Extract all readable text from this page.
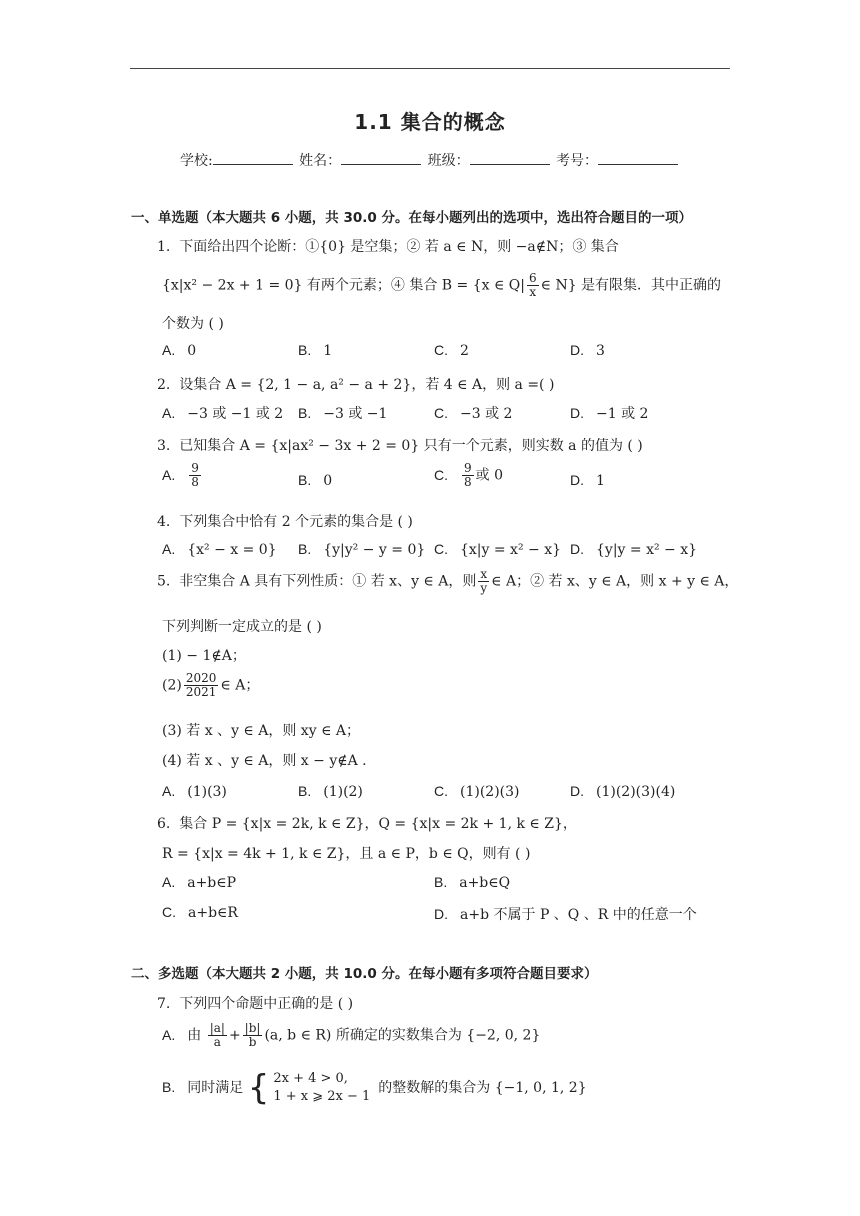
1.1 集合的概念
学校:	姓名：	班级：	考号：
一、单选题（本大题共 6 小题，共 30.0 分。在每小题列出的选项中，选出符合题目的一项）
1. 下面给出四个论断：①{0} 是空集；② 若 a ∈ N，则 −a∉N；③ 集合
{x|x² − 2x + 1 = 0} 有两个元素；④ 集合 B = {x ∈ $Q| \frac{6}{x}$ ∈ N} 是有限集．其中正确的
个数为 ( )
A. 0	B. 1	C. 2	D. 3
2. 设集合 A = {2, 1 − a, a² − a + 2}，若 4 ∈ A，则 a =( )
A. −3 或 −1 或 2 B. −3 或 −1	C. −3 或 2	D. −1 或 2
3. 已知集合 A = {x|ax² − 3x + 2 = 0} 只有一个元素，则实数 a 的值为 ( )
A. $\frac{9}{8}$	B. 0	C. $\frac{9}{8}$ 或 0	D. 1
4. 下列集合中恰有 2 个元素的集合是 ( )
A. {x² − x = 0} B. {y|y² − y = 0} C. {x|y = x² − x} D. {y|y = x² − x}
5. 非空集合 A 具有下列性质：① 若 x、y ∈ A，则 $\frac{x}{y}$ ∈ A；② 若 x、y ∈ A，则 x + y ∈ A，
下列判断一定成立的是 ( )
(1) − 1∉A；
$(2) \frac{2020}{2021}$ ∈ A；
(3) 若 x 、y ∈ A，则 xy ∈ A；
(4) 若 x 、y ∈ A，则 x − y∉A .
A. (1)(3)	B. (1)(2)	C. (1)(2)(3)	D. (1)(2)(3)(4)
6. 集合 P = {x|x = 2k, k ∈ Z}，Q = {x|x = 2k + 1, k ∈ Z}，
R = {x|x = 4k + 1, k ∈ Z}，且 a ∈ P，b ∈ Q，则有 ( )
A. a+b∈P	B. a+b∈Q
C. a+b∈R	D. a+b 不属于 P 、Q 、R 中的任意一个
二、多选题（本大题共 2 小题，共 10.0 分。在每小题有多项符合题目要求）
7. 下列四个命题中正确的是 ( )
A. 由 $\frac{|a|}{a} + \frac{|b|}{b} (a$, b ∈ R) 所确定的实数集合为 {−2, 0, 2}
B. 同时满足 { 2x + 4 > 0,
1 + x ⩾ 2x − 1
的整数解的集合为 {−1, 0, 1, 2}
